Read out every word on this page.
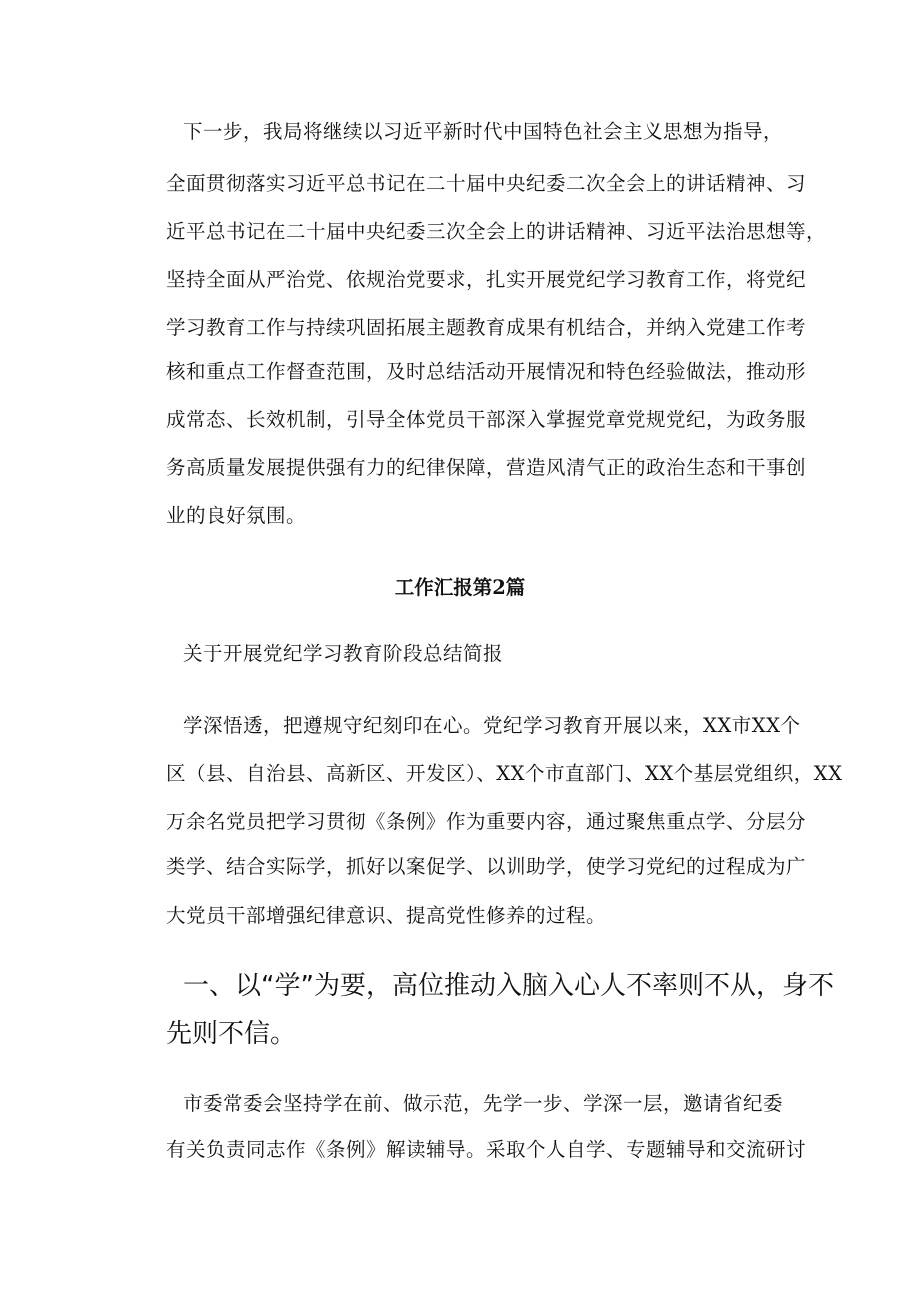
下一步，我局将继续以习近平新时代中国特色社会主义思想为指导，
全面贯彻落实习近平总书记在二十届中央纪委二次全会上的讲话精神、习
近平总书记在二十届中央纪委三次全会上的讲话精神、习近平法治思想等，
坚持全面从严治党、依规治党要求，扎实开展党纪学习教育工作，将党纪
学习教育工作与持续巩固拓展主题教育成果有机结合，并纳入党建工作考
核和重点工作督查范围，及时总结活动开展情况和特色经验做法，推动形
成常态、长效机制，引导全体党员干部深入掌握党章党规党纪，为政务服
务高质量发展提供强有力的纪律保障，营造风清气正的政治生态和干事创
业的良好氛围。
工作汇报第2篇
关于开展党纪学习教育阶段总结简报
学深悟透，把遵规守纪刻印在心。党纪学习教育开展以来，XX市XX个
区（县、自治县、高新区、开发区）、XX个市直部门、XX个基层党组织，XX
万余名党员把学习贯彻《条例》作为重要内容，通过聚焦重点学、分层分
类学、结合实际学，抓好以案促学、以训助学，使学习党纪的过程成为广
大党员干部增强纪律意识、提高党性修养的过程。
一、以“学”为要，高位推动入脑入心人不率则不从，身不
先则不信。
市委常委会坚持学在前、做示范，先学一步、学深一层，邀请省纪委
有关负责同志作《条例》解读辅导。采取个人自学、专题辅导和交流研讨
